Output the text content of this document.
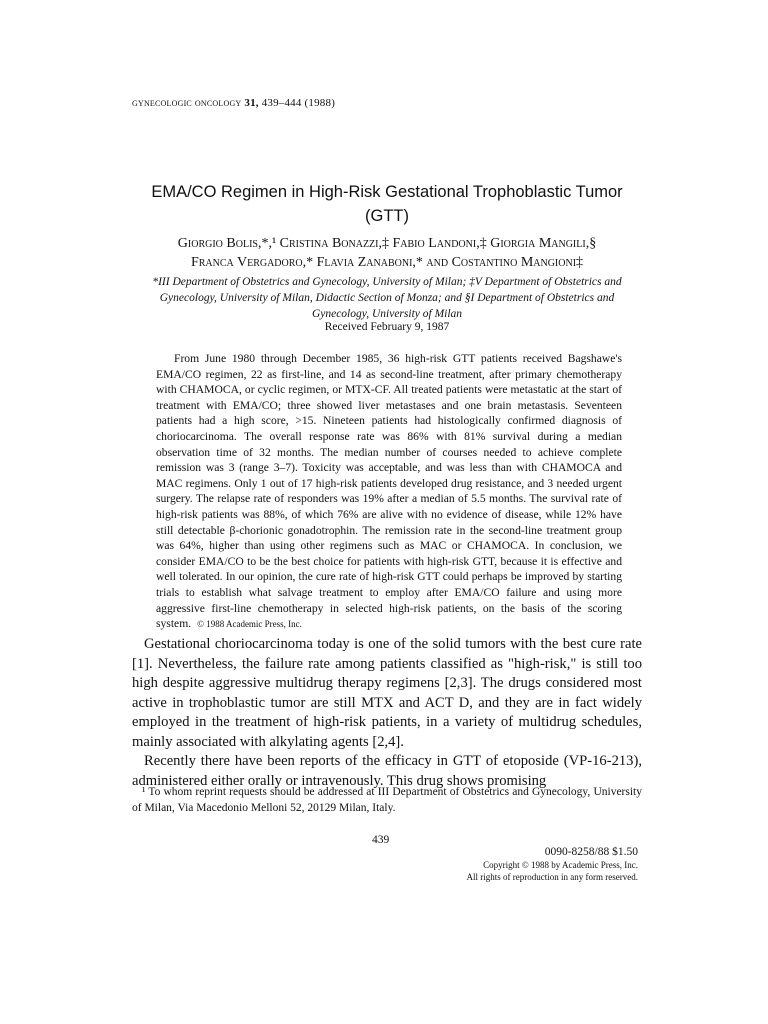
gynecologic oncology 31, 439–444 (1988)
EMA/CO Regimen in High-Risk Gestational Trophoblastic Tumor (GTT)
Giorgio Bolis,*,¹ Cristina Bonazzi,‡ Fabio Landoni,‡ Giorgia Mangili,§
Franca Vergadoro,* Flavia Zanaboni,* and Costantino Mangioni‡
*III Department of Obstetrics and Gynecology, University of Milan; ‡V Department of Obstetrics and Gynecology, University of Milan, Didactic Section of Monza; and §I Department of Obstetrics and Gynecology, University of Milan
Received February 9, 1987

From June 1980 through December 1985, 36 high-risk GTT patients received Bagshawe's EMA/CO regimen, 22 as first-line, and 14 as second-line treatment, after primary chemotherapy with CHAMOCA, or cyclic regimen, or MTX-CF. All treated patients were metastatic at the start of treatment with EMA/CO; three showed liver metastases and one brain metastasis. Seventeen patients had a high score, >15. Nineteen patients had histologically confirmed diagnosis of choriocarcinoma. The overall response rate was 86% with 81% survival during a median observation time of 32 months. The median number of courses needed to achieve complete remission was 3 (range 3–7). Toxicity was acceptable, and was less than with CHAMOCA and MAC regimens. Only 1 out of 17 high-risk patients developed drug resistance, and 3 needed urgent surgery. The relapse rate of responders was 19% after a median of 5.5 months. The survival rate of high-risk patients was 88%, of which 76% are alive with no evidence of disease, while 12% have still detectable β-chorionic gonadotrophin. The remission rate in the second-line treatment group was 64%, higher than using other regimens such as MAC or CHAMOCA. In conclusion, we consider EMA/CO to be the best choice for patients with high-risk GTT, because it is effective and well tolerated. In our opinion, the cure rate of high-risk GTT could perhaps be improved by starting trials to establish what salvage treatment to employ after EMA/CO failure and using more aggressive first-line chemotherapy in selected high-risk patients, on the basis of the scoring system. © 1988 Academic Press, Inc.

Gestational choriocarcinoma today is one of the solid tumors with the best cure rate [1]. Nevertheless, the failure rate among patients classified as "high-risk," is still too high despite aggressive multidrug therapy regimens [2,3]. The drugs considered most active in trophoblastic tumor are still MTX and ACT D, and they are in fact widely employed in the treatment of high-risk patients, in a variety of multidrug schedules, mainly associated with alkylating agents [2,4].

Recently there have been reports of the efficacy in GTT of etoposide (VP-16-213), administered either orally or intravenously. This drug shows promising

¹ To whom reprint requests should be addressed at III Department of Obstetrics and Gynecology, University of Milan, Via Macedonio Melloni 52, 20129 Milan, Italy.

439
0090-8258/88 $1.50
Copyright © 1988 by Academic Press, Inc.
All rights of reproduction in any form reserved.
